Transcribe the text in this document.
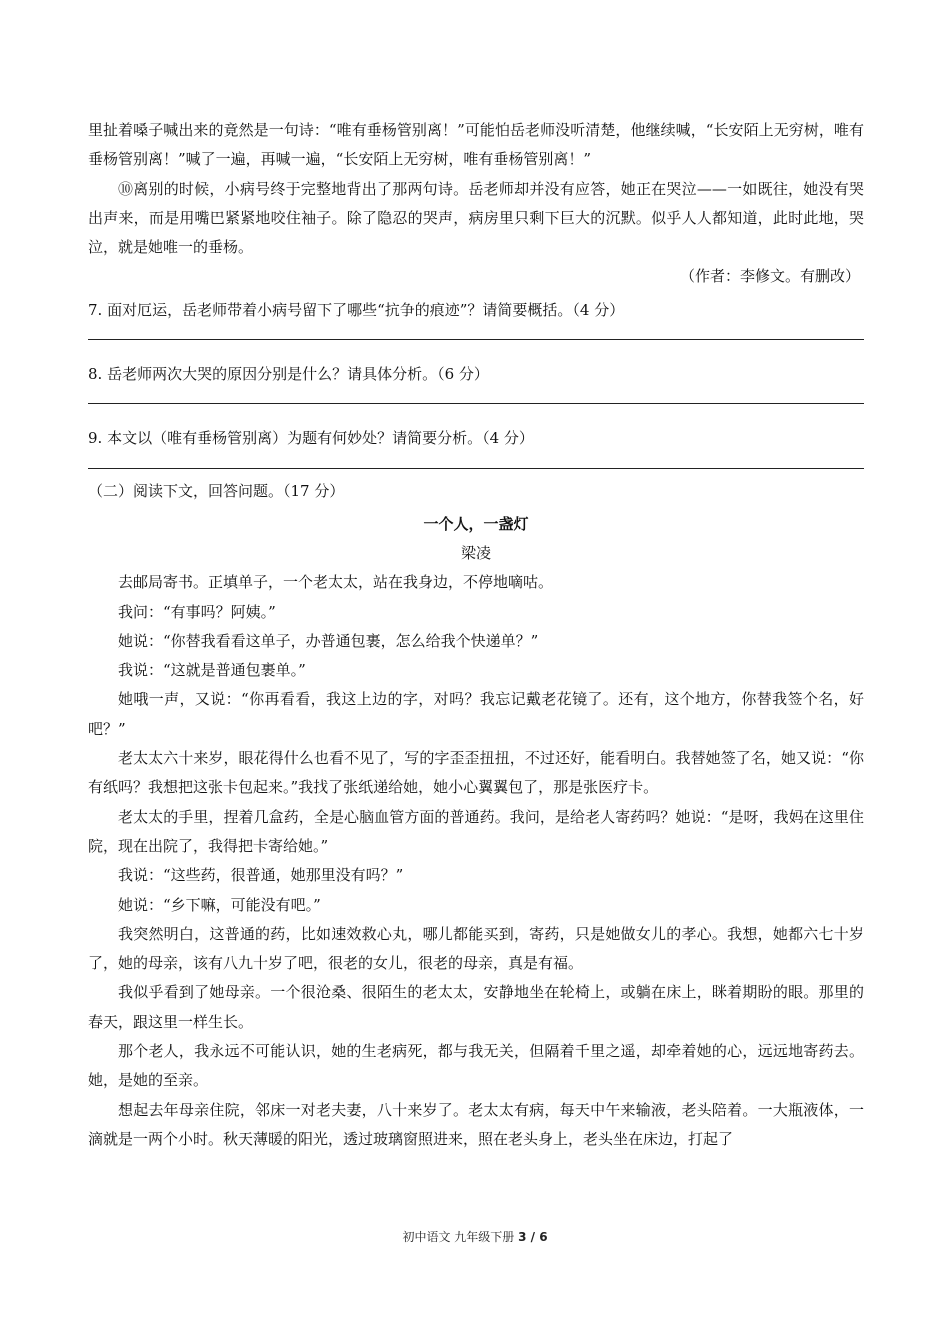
里扯着嗓子喊出来的竟然是一句诗：“唯有垂杨管别离！”可能怕岳老师没听清楚，他继续喊，“长安陌上无穷树，唯有垂杨管别离！”喊了一遍，再喊一遍，“长安陌上无穷树，唯有垂杨管别离！”

⑩离别的时候，小病号终于完整地背出了那两句诗。岳老师却并没有应答，她正在哭泣——一如既往，她没有哭出声来，而是用嘴巴紧紧地咬住袖子。除了隐忍的哭声，病房里只剩下巨大的沉默。似乎人人都知道，此时此地，哭泣，就是她唯一的垂杨。

（作者：李修文。有删改）

7. 面对厄运，岳老师带着小病号留下了哪些“抗争的痕迹”？请简要概括。（4 分）

8. 岳老师两次大哭的原因分别是什么？请具体分析。（6 分）

9. 本文以（唯有垂杨管别离）为题有何妙处？请简要分析。（4 分）

（二）阅读下文，回答问题。（17 分）

一个人，一盏灯

梁凌

去邮局寄书。正填单子，一个老太太，站在我身边，不停地嘀咕。

我问：“有事吗？阿姨。”

她说：“你替我看看这单子，办普通包裹，怎么给我个快递单？”

我说：“这就是普通包裹单。”

她哦一声，又说：“你再看看，我这上边的字，对吗？我忘记戴老花镜了。还有，这个地方，你替我签个名，好吧？”

老太太六十来岁，眼花得什么也看不见了，写的字歪歪扭扭，不过还好，能看明白。我替她签了名，她又说：“你有纸吗？我想把这张卡包起来。”我找了张纸递给她，她小心翼翼包了，那是张医疗卡。

老太太的手里，捏着几盒药，全是心脑血管方面的普通药。我问，是给老人寄药吗？她说：“是呀，我妈在这里住院，现在出院了，我得把卡寄给她。”

我说：“这些药，很普通，她那里没有吗？”

她说：“乡下嘛，可能没有吧。”

我突然明白，这普通的药，比如速效救心丸，哪儿都能买到，寄药，只是她做女儿的孝心。我想，她都六七十岁了，她的母亲，该有八九十岁了吧，很老的女儿，很老的母亲，真是有福。

我似乎看到了她母亲。一个很沧桑、很陌生的老太太，安静地坐在轮椅上，或躺在床上，眯着期盼的眼。那里的春天，跟这里一样生长。

那个老人，我永远不可能认识，她的生老病死，都与我无关，但隔着千里之遥，却牵着她的心，远远地寄药去。她，是她的至亲。

想起去年母亲住院，邻床一对老夫妻，八十来岁了。老太太有病，每天中午来输液，老头陪着。一大瓶液体，一滴就是一两个小时。秋天薄暖的阳光，透过玻璃窗照进来，照在老头身上，老头坐在床边，打起了

初中语文 九年级下册 3 / 6
